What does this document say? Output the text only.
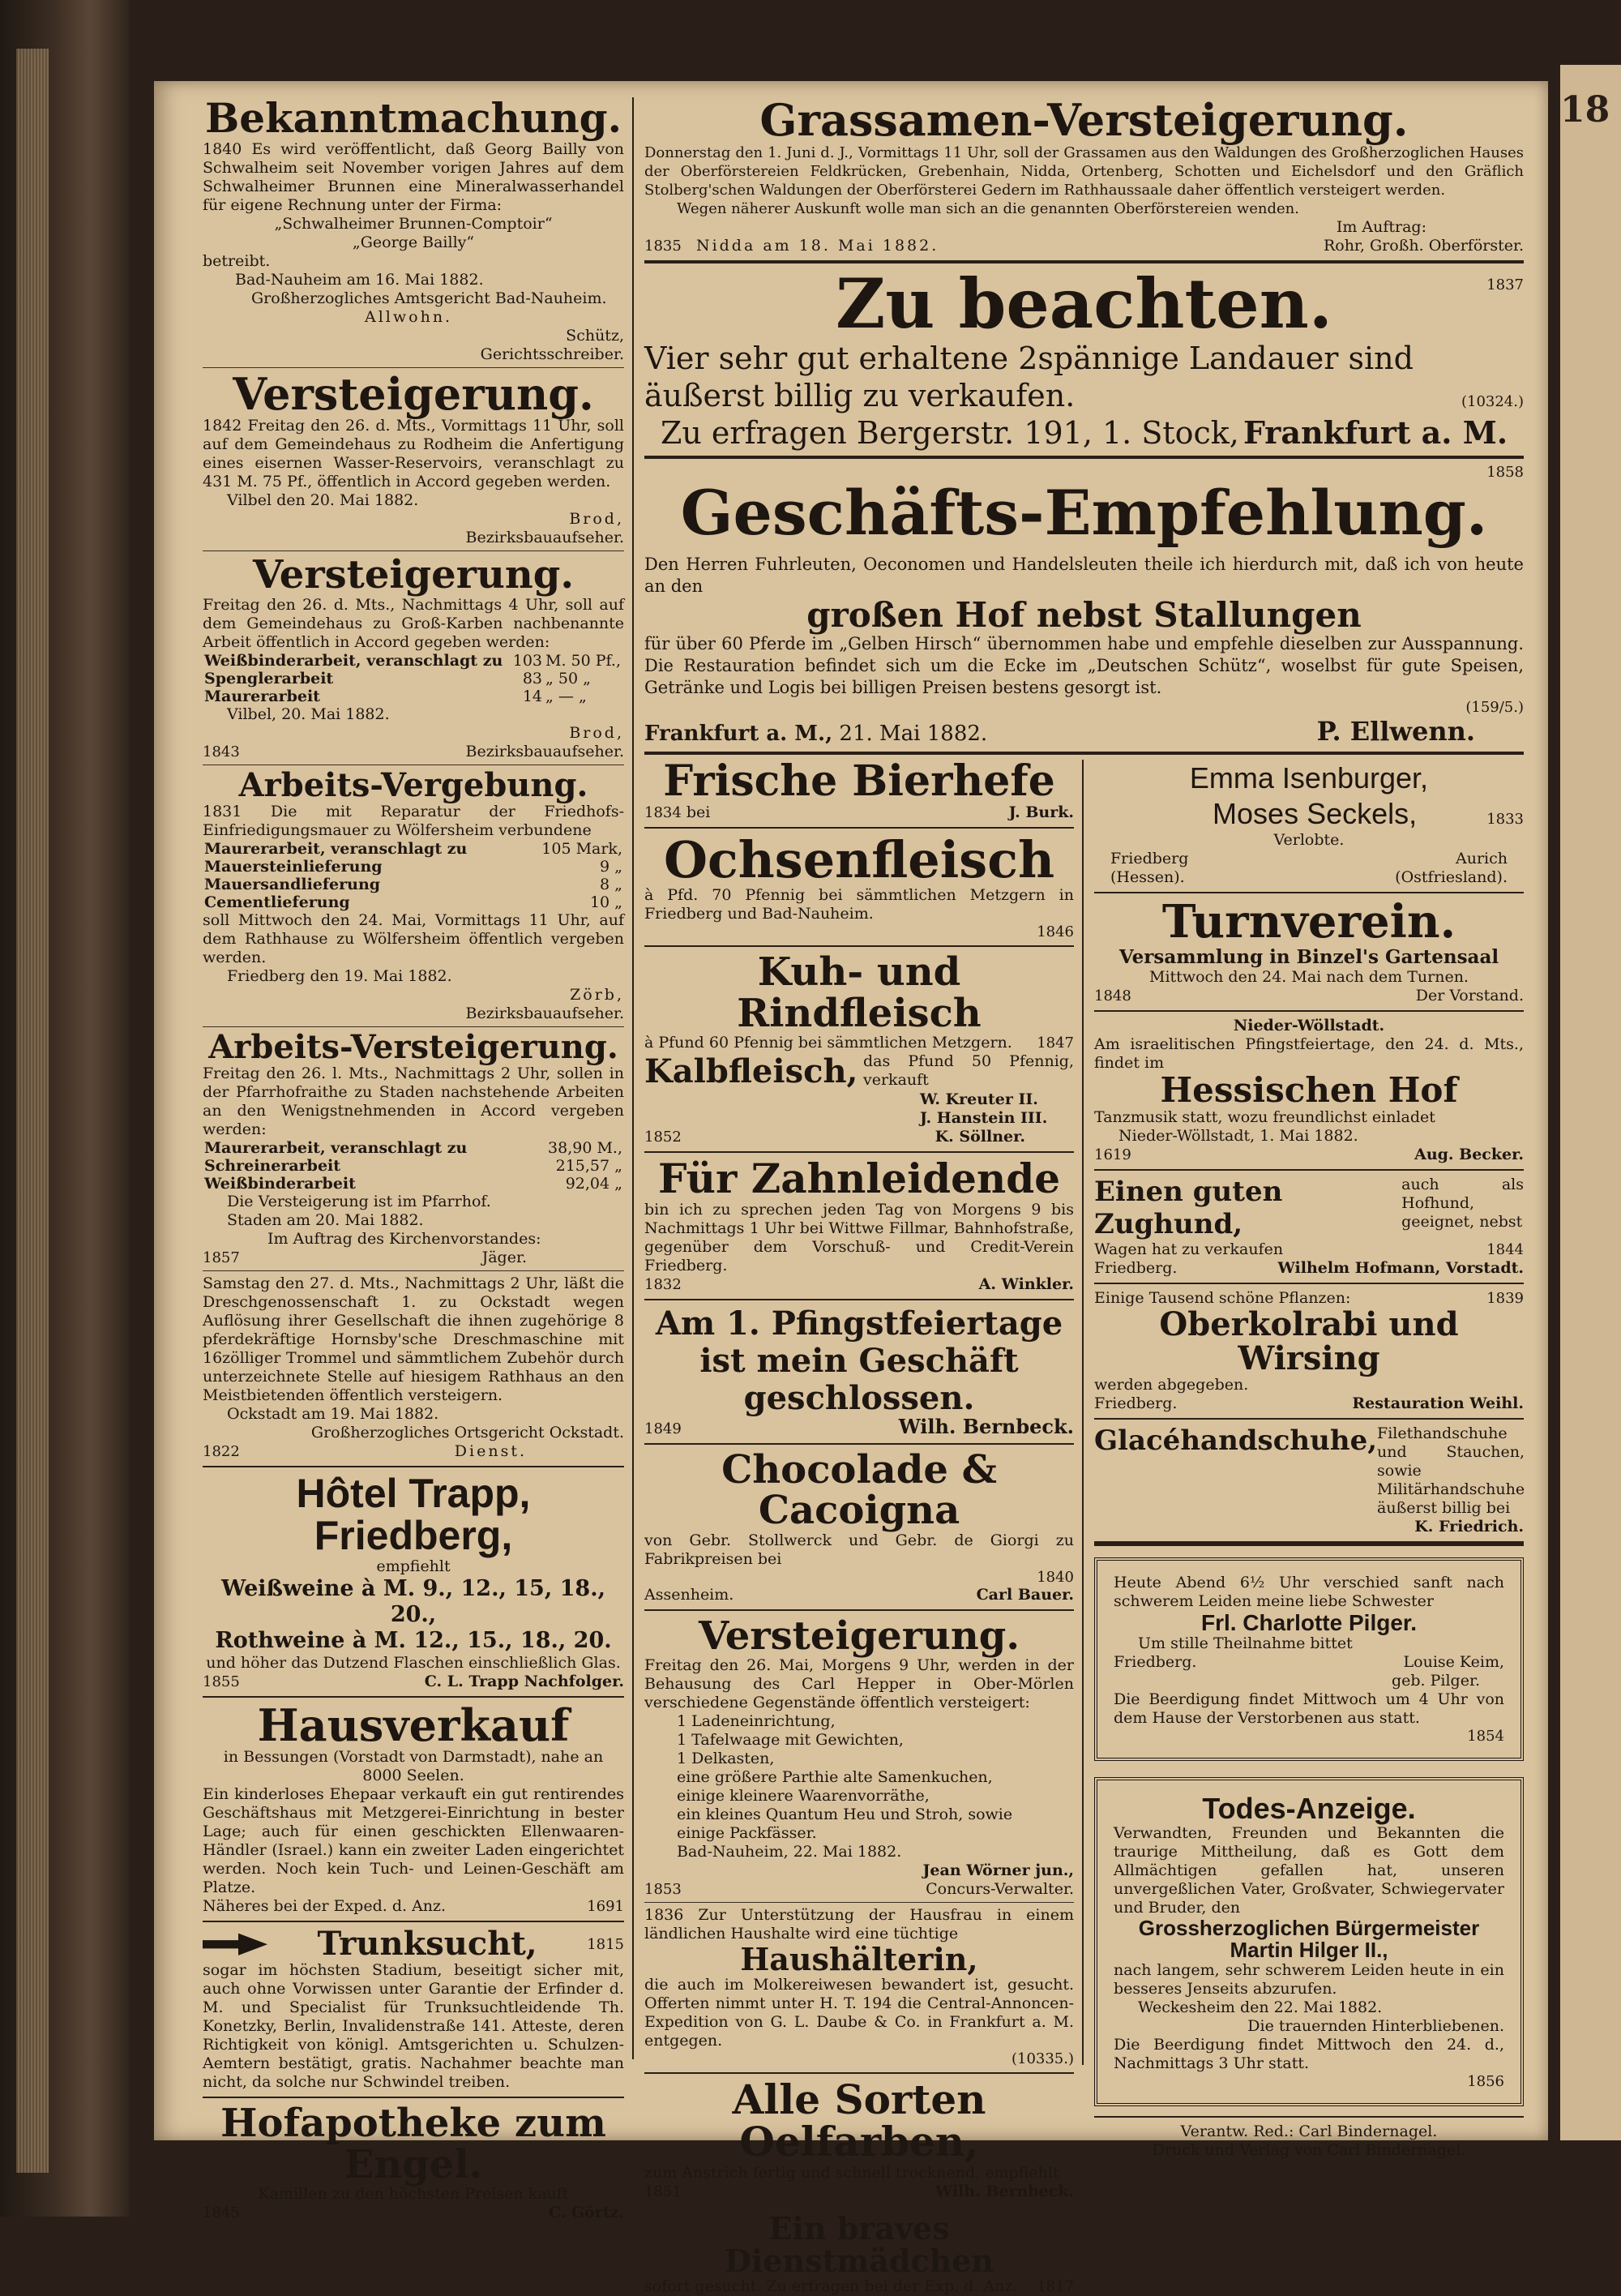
18
Bekanntmachung.
1840 Es wird veröffentlicht, daß Georg Bailly von Schwalheim seit November vorigen Jahres auf dem Schwalheimer Brunnen eine Mineralwasserhandel für eigene Rechnung unter der Firma:
„Schwalheimer Brunnen-Comptoir“
„George Bailly“
betreibt.
Bad-Nauheim am 16. Mai 1882.
Großherzogliches Amtsgericht Bad-Nauheim.
Allwohn.
Schütz,
Gerichtsschreiber.
Versteigerung.
1842 Freitag den 26. d. Mts., Vormittags 11 Uhr, soll auf dem Gemeindehaus zu Rodheim die Anfertigung eines eisernen Wasser-Reservoirs, veranschlagt zu 431 M. 75 Pf., öffentlich in Accord gegeben werden.
Vilbel den 20. Mai 1882.
Brod,
Bezirksbauaufseher.
Versteigerung.
Freitag den 26. d. Mts., Nachmittags 4 Uhr, soll auf dem Gemeindehaus zu Groß-Karben nachbenannte Arbeit öffentlich in Accord gegeben werden:
Weißbinderarbeit, veranschlagt zu	103	M. 50 Pf.,
Spenglerarbeit	83	„ 50 „
Maurerarbeit	14	„ — „
Vilbel, 20. Mai 1882.
Brod,
1843	Bezirksbauaufseher.
Arbeits-Vergebung.
1831 Die mit Reparatur der Friedhofs-Einfriedigungsmauer zu Wölfersheim verbundene
Maurerarbeit, veranschlagt zu	105 Mark,
Mauersteinlieferung	9 „
Mauersandlieferung	8 „
Cementlieferung	10 „
soll Mittwoch den 24. Mai, Vormittags 11 Uhr, auf dem Rathhause zu Wölfersheim öffentlich vergeben werden.
Friedberg den 19. Mai 1882.
Zörb,
Bezirksbauaufseher.
Arbeits-Versteigerung.
Freitag den 26. l. Mts., Nachmittags 2 Uhr, sollen in der Pfarrhofraithe zu Staden nachstehende Arbeiten an den Wenigstnehmenden in Accord vergeben werden:
Maurerarbeit, veranschlagt zu	38,90 M.,
Schreinerarbeit	215,57 „
Weißbinderarbeit	92,04 „
Die Versteigerung ist im Pfarrhof.
Staden am 20. Mai 1882.
Im Auftrag des Kirchenvorstandes:
1857	Jäger.
Samstag den 27. d. Mts., Nachmittags 2 Uhr, läßt die Dreschgenossenschaft 1. zu Ockstadt wegen Auflösung ihrer Gesellschaft die ihnen zugehörige 8 pferdekräftige Hornsby'sche Dreschmaschine mit 16zölliger Trommel und sämmtlichem Zubehör durch unterzeichnete Stelle auf hiesigem Rathhaus an den Meistbietenden öffentlich versteigern.
Ockstadt am 19. Mai 1882.
Großherzogliches Ortsgericht Ockstadt.
1822	Dienst.
Hôtel Trapp, Friedberg,
empfiehlt
Weißweine à M. 9., 12., 15, 18., 20.,
Rothweine à M. 12., 15., 18., 20.
und höher das Dutzend Flaschen einschließlich Glas.
1855	C. L. Trapp Nachfolger.
Hausverkauf
in Bessungen (Vorstadt von Darmstadt), nahe an 8000 Seelen.
Ein kinderloses Ehepaar verkauft ein gut rentirendes Geschäftshaus mit Metzgerei-Einrichtung in bester Lage; auch für einen geschickten Ellenwaaren-Händler (Israel.) kann ein zweiter Laden eingerichtet werden. Noch kein Tuch- und Leinen-Geschäft am Platze.
Näheres bei der Exped. d. Anz.	1691
Trunksucht,	1815
sogar im höchsten Stadium, beseitigt sicher mit, auch ohne Vorwissen unter Garantie der Erfinder d. M. und Specialist für Trunksuchtleidende Th. Konetzky, Berlin, Invalidenstraße 141. Atteste, deren Richtigkeit von königl. Amtsgerichten u. Schulzen-Aemtern bestätigt, gratis. Nachahmer beachte man nicht, da solche nur Schwindel treiben.
Hofapotheke zum Engel.
Kamillen zu den höchsten Preisen kauft
1845	C. Görtz.
Grassamen-Versteigerung.
Donnerstag den 1. Juni d. J., Vormittags 11 Uhr, soll der Grassamen aus den Waldungen des Großherzoglichen Hauses der Oberförstereien Feldkrücken, Grebenhain, Nidda, Ortenberg, Schotten und Eichelsdorf und den Gräflich Stolberg'schen Waldungen der Oberförsterei Gedern im Rathhaussaale daher öffentlich versteigert werden.
Wegen näherer Auskunft wolle man sich an die genannten Oberförstereien wenden.
Im Auftrag:
1835 Nidda am 18. Mai 1882.	Rohr, Großh. Oberförster.
Zu beachten.	1837
Vier sehr gut erhaltene 2spännige Landauer sind
äußerst billig zu verkaufen.	(10324.)
Zu erfragen Bergerstr. 191, 1. Stock, Frankfurt a. M.
1858
Geschäfts-Empfehlung.
Den Herren Fuhrleuten, Oeconomen und Handelsleuten theile ich hierdurch mit, daß ich von heute an den
großen Hof nebst Stallungen
für über 60 Pferde im „Gelben Hirsch“ übernommen habe und empfehle dieselben zur Ausspannung. Die Restauration befindet sich um die Ecke im „Deutschen Schütz“, woselbst für gute Speisen, Getränke und Logis bei billigen Preisen bestens gesorgt ist.
(159/5.)
Frankfurt a. M., 21. Mai 1882.	P. Ellwenn.
Frische Bierhefe
1834 bei	J. Burk.
Ochsenfleisch
à Pfd. 70 Pfennig bei sämmtlichen Metzgern in Friedberg und Bad-Nauheim.
1846
Kuh- und Rindfleisch
à Pfund 60 Pfennig bei sämmtlichen Metzgern. 1847
Kalbfleisch, das Pfund 50 Pfennig, verkauft
W. Kreuter II.
J. Hanstein III.
1852	K. Söllner.
Für Zahnleidende
bin ich zu sprechen jeden Tag von Morgens 9 bis Nachmittags 1 Uhr bei Wittwe Fillmar, Bahnhofstraße, gegenüber dem Vorschuß- und Credit-Verein Friedberg.
1832	A. Winkler.
Am 1. Pfingstfeiertage ist mein Geschäft geschlossen.
1849	Wilh. Bernbeck.
Chocolade & Cacoigna
von Gebr. Stollwerck und Gebr. de Giorgi zu Fabrikpreisen bei
1840
Assenheim.	Carl Bauer.
Versteigerung.
Freitag den 26. Mai, Morgens 9 Uhr, werden in der Behausung des Carl Hepper in Ober-Mörlen verschiedene Gegenstände öffentlich versteigert:
1 Ladeneinrichtung,
1 Tafelwaage mit Gewichten,
1 Delkasten,
eine größere Parthie alte Samenkuchen,
einige kleinere Waarenvorräthe,
ein kleines Quantum Heu und Stroh, sowie
einige Packfässer.
Bad-Nauheim, 22. Mai 1882.
Jean Wörner jun.,
1853	Concurs-Verwalter.
1836 Zur Unterstützung der Hausfrau in einem ländlichen Haushalte wird eine tüchtige
Haushälterin,
die auch im Molkereiwesen bewandert ist, gesucht. Offerten nimmt unter H. T. 194 die Central-Annoncen-Expedition von G. L. Daube & Co. in Frankfurt a. M. entgegen.
(10335.)
Alle Sorten Oelfarben,
zum Anstrich fertig und schnell trocknend, empfiehlt
1851	Wilh. Bernbeck.
Ein braves Dienstmädchen
sofort gesucht. Zu erfragen bei der Exp. d. Anz. 1817
Emma Isenburger,
Moses Seckels,	1833
Verlobte.
Friedberg	Aurich
(Hessen).	(Ostfriesland).
Turnverein.
Versammlung in Binzel's Gartensaal
Mittwoch den 24. Mai nach dem Turnen.
1848	Der Vorstand.
Nieder-Wöllstadt.
Am israelitischen Pfingstfeiertage, den 24. d. Mts., findet im
Hessischen Hof
Tanzmusik statt, wozu freundlichst einladet
Nieder-Wöllstadt, 1. Mai 1882.
1619	Aug. Becker.
Einen guten Zughund,
auch als Hofhund, geeignet, nebst
Wagen hat zu verkaufen	1844
Friedberg.	Wilhelm Hofmann, Vorstadt.
Einige Tausend schöne Pflanzen:	1839
Oberkolrabi und Wirsing
werden abgegeben.
Friedberg.	Restauration Weihl.
Glacéhandschuhe, Filethandschuhe und Stauchen, sowie Militärhandschuhe äußerst billig bei
K. Friedrich.
Heute Abend 6½ Uhr verschied sanft nach schwerem Leiden meine liebe Schwester
Frl. Charlotte Pilger.
Um stille Theilnahme bittet
Friedberg.	Louise Keim,
geb. Pilger.
Die Beerdigung findet Mittwoch um 4 Uhr von dem Hause der Verstorbenen aus statt.
1854
Todes-Anzeige.
Verwandten, Freunden und Bekannten die traurige Mittheilung, daß es Gott dem Allmächtigen gefallen hat, unseren unvergeßlichen Vater, Großvater, Schwiegervater und Bruder, den
Grossherzoglichen Bürgermeister
Martin Hilger II.,
nach langem, sehr schwerem Leiden heute in ein besseres Jenseits abzurufen.
Weckesheim den 22. Mai 1882.
Die trauernden Hinterbliebenen.
Die Beerdigung findet Mittwoch den 24. d., Nachmittags 3 Uhr statt.
1856
Verantw. Red.: Carl Bindernagel.
Druck und Verlag von Carl Bindernagel.
